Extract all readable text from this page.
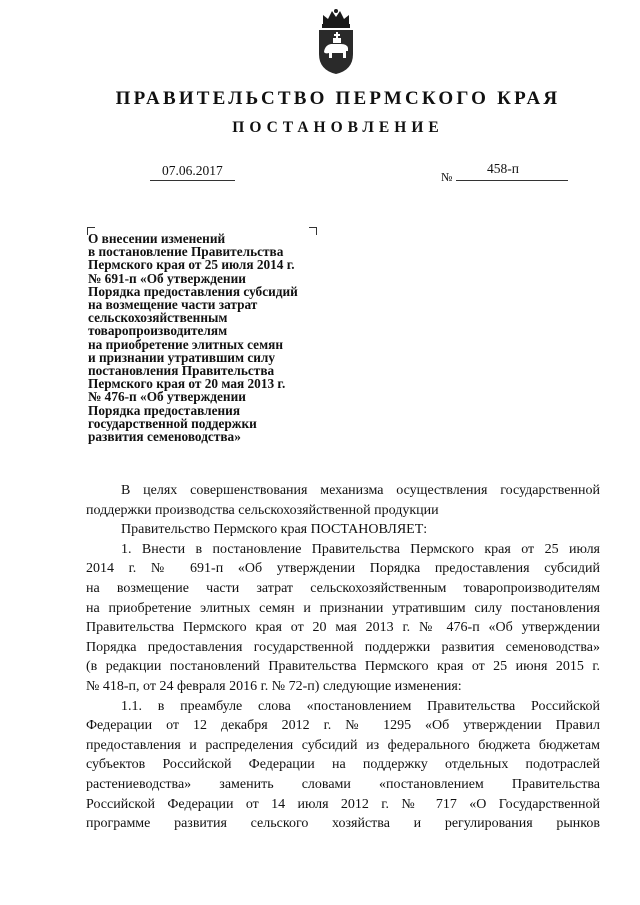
ПРАВИТЕЛЬСТВО ПЕРМСКОГО КРАЯ
ПОСТАНОВЛЕНИЕ
07.06.2017	№
458-п
О внесении изменений
в постановление Правительства
Пермского края от 25 июля 2014 г.
№ 691-п «Об утверждении
Порядка предоставления субсидий
на возмещение части затрат
сельскохозяйственным
товаропроизводителям
на приобретение элитных семян
и признании утратившим силу
постановления Правительства
Пермского края от 20 мая 2013 г.
№ 476-п «Об утверждении
Порядка предоставления
государственной поддержки
развития семеноводства»
В целях совершенствования механизма осуществления государственной
поддержки производства сельскохозяйственной продукции
Правительство Пермского края ПОСТАНОВЛЯЕТ:
1. Внести в постановление Правительства Пермского края от 25 июля
2014 г. № 691-п «Об утверждении Порядка предоставления субсидий
на возмещение части затрат сельскохозяйственным товаропроизводителям
на приобретение элитных семян и признании утратившим силу постановления
Правительства Пермского края от 20 мая 2013 г. № 476-п «Об утверждении
Порядка предоставления государственной поддержки развития семеноводства»
(в редакции постановлений Правительства Пермского края от 25 июня 2015 г.
№ 418-п, от 24 февраля 2016 г. № 72-п) следующие изменения:
1.1. в преамбуле слова «постановлением Правительства Российской
Федерации от 12 декабря 2012 г. № 1295 «Об утверждении Правил
предоставления и распределения субсидий из федерального бюджета бюджетам
субъектов Российской Федерации на поддержку отдельных подотраслей
растениеводства» заменить словами «постановлением Правительства
Российской Федерации от 14 июля 2012 г. № 717 «О Государственной
программе развития сельского хозяйства и регулирования рынков
